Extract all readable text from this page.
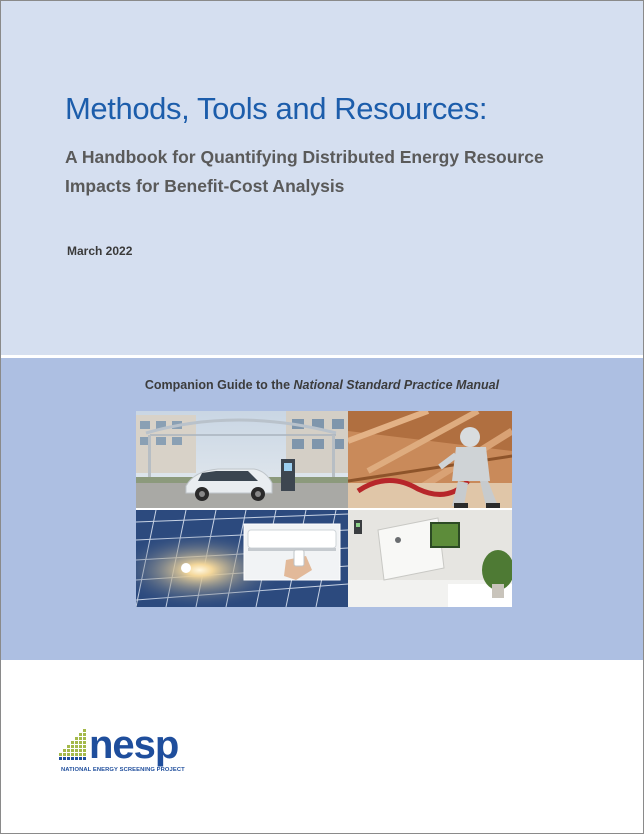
Methods, Tools and Resources:
A Handbook for Quantifying Distributed Energy Resource
Impacts for Benefit-Cost Analysis
March 2022
Companion Guide to the National Standard Practice Manual
nesp
NATIONAL ENERGY SCREENING PROJECT
